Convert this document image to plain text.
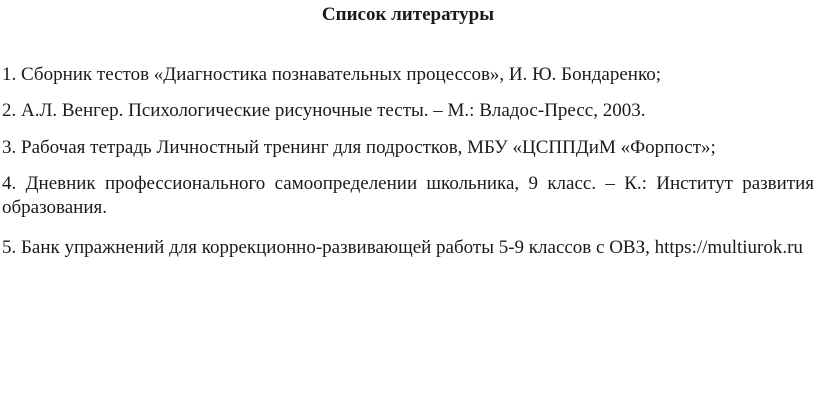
Список литературы
1. Сборник тестов «Диагностика познавательных процессов», И. Ю. Бондаренко;
2. А.Л. Венгер. Психологические рисуночные тесты. – М.: Владос-Пресс, 2003.
3. Рабочая тетрадь Личностный тренинг для подростков, МБУ «ЦСППДиМ «Форпост»;
4. Дневник профессионального самоопределении школьника, 9 класс. – К.: Институт развития
образования.
5. Банк упражнений для коррекционно-развивающей работы 5-9 классов с ОВЗ, https://multiurok.ru
